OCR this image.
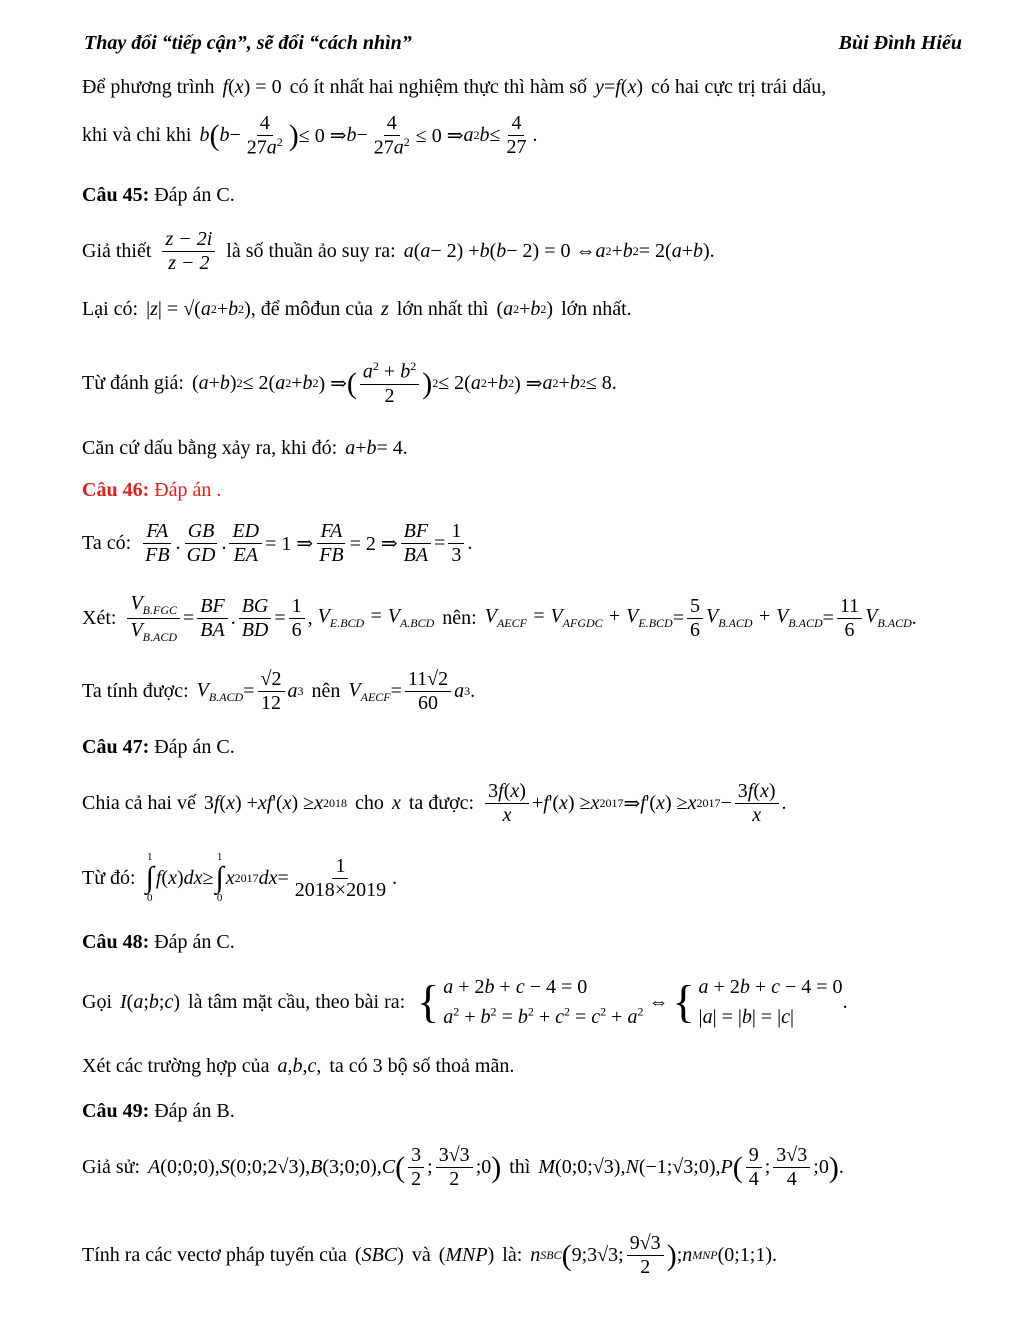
Thay đổi “tiếp cận”, sẽ đổi “cách nhìn”	Bùi Đình Hiếu
Để phương trình f ( x ) = 0 có ít nhất hai nghiệm thực thì hàm số y = f ( x ) có hai cực trị trái dấu,
khi và chỉ khi b ( $b - \frac{4}{27a^2}$ ) ≤ 0 ⇒ $b - \frac{4}{27a^2} \le 0$ ⇒ a 2 $b \le \frac{4}{27}$ .
Câu 45:
Đáp án C.
Giả thiết $\frac{z - 2i}{z - 2}$ là số thuần ảo suy ra: a ( a − 2) + b ( b − 2) = 0 ⇔ a 2 + b 2 = 2( a + b ).
Lại có: | z | = √( a 2 + b 2 ) , để môđun của z lớn nhất thì ( a 2 + b 2 ) lớn nhất.
Từ đánh giá: ( a + b ) 2 ≤ 2( a 2 + b 2 ) ⇒ ( $\frac{a^2 + b^2}{2}$ ) 2 ≤ 2( a 2 + b 2 ) ⇒ a 2 + b 2 ≤ 8.
Căn cứ dấu bằng xảy ra, khi đó: a + b = 4.
Câu 46:
Đáp án .
Ta có: $\frac{FA}{FB}$ . $\frac{GB}{GD}$ . $\frac{ED}{EA} = 1$ ⇒ $\frac{FA}{FB} = 2$ ⇒ $\frac{BF}{BA} = \frac{1}{3}$ .
Xét: $\frac{V_{B.FGC}}{V_{B.ACD}} = \frac{BF}{BA}$ . $\frac{BG}{BD} = \frac{1}{6}$ , $V_{E.BCD} = V_{A.BCD}$ nên: $V_{AECF} = V_{AFGDC} + V_{E.BCD} = \frac{5}{6} V_{B.ACD} + V_{B.ACD} = \frac{11}{6} V_{B.ACD}$ .
Ta tính được: $V_{B.ACD} = \frac{√2}{12}$ a 3 nên $V_{AECF} = \frac{11√2}{60}$ a 3 .
Câu 47:
Đáp án C.
Chia cả hai vế 3 f ( x ) + xf '( x ) ≥ x 2018 cho x ta được: $\frac{3f(x)}{x} + f$ '( x ) ≥ x 2017 ⇒ f '( x ) ≥ x $2017 - \frac{3f(x)}{x}$ .
Từ đó:
1
∫
0
f ( x ) dx ≥
1
∫
0
x 2017 dx = $\frac{1}{2018\times 2019}$ .
Câu 48:
Đáp án C.
Gọi I ( a ; b ; c ) là tâm mặt cầu, theo bài ra: { a + 2b + c − 4 = 0
$a^2 + b^2 = b^2 + c^2 = c^2 + a^2$ ⇔ { a + 2b + c − 4 = 0
|a| = |b| = |c|
.
Xét các trường hợp của a , b , c , ta có 3 bộ số thoả mãn.
Câu 49:
Đáp án B.
Giả sử: A (0;0;0), S (0;0;2√3), B (3;0;0), C ( $\frac{3}{2}$ ; $\frac{3√3}{2}$ ;0 ) thì M (0;0;√3), N (−1;√3;0), P ( $\frac{9}{4}$ ; $\frac{3√3}{4}$ ;0 ) .
Tính ra các vectơ pháp tuyến của ( SBC ) và ( MNP ) là: n SBC ( 9;3√3; $\frac{9√3}{2}$ ) ; n MNP (0;1;1).
